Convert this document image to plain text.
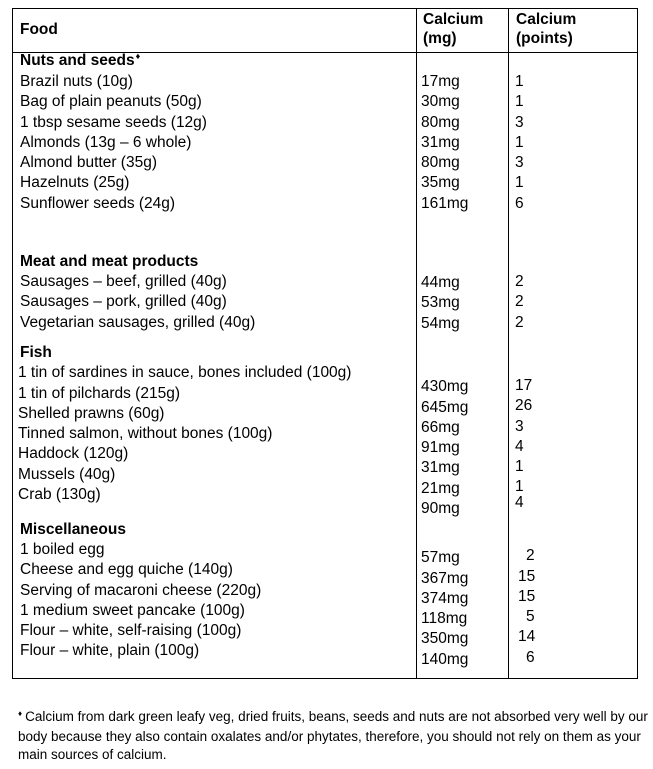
Food
Calcium
(mg)
Calcium
(points)
Nuts and seeds♦
Brazil nuts (10g)
Bag of plain peanuts (50g)
1 tbsp sesame seeds (12g)
Almonds (13g – 6 whole)
Almond butter (35g)
Hazelnuts (25g)
Sunflower seeds (24g)
17mg
30mg
80mg
31mg
80mg
35mg
161mg
1
1
3
1
3
1
6
Meat and meat products
Sausages – beef, grilled (40g)
Sausages – pork, grilled (40g)
Vegetarian sausages, grilled (40g)
44mg
53mg
54mg
2
2
2
Fish
1 tin of sardines in sauce, bones included (100g)
1 tin of pilchards (215g)
Shelled prawns (60g)
Tinned salmon, without bones (100g)
Haddock (120g)
Mussels (40g)
Crab (130g)
430mg
645mg
66mg
91mg
31mg
21mg
90mg
17
26
3
4
1
1
4
Miscellaneous
1 boiled egg
Cheese and egg quiche (140g)
Serving of macaroni cheese (220g)
1 medium sweet pancake (100g)
Flour – white, self-raising (100g)
Flour – white, plain (100g)
57mg
367mg
374mg
118mg
350mg
140mg
2
15
15
5
14
6
♦ Calcium from dark green leafy veg, dried fruits, beans, seeds and nuts are not absorbed very well by our body because they also contain oxalates and/or phytates, therefore, you should not rely on them as your main sources of calcium.
